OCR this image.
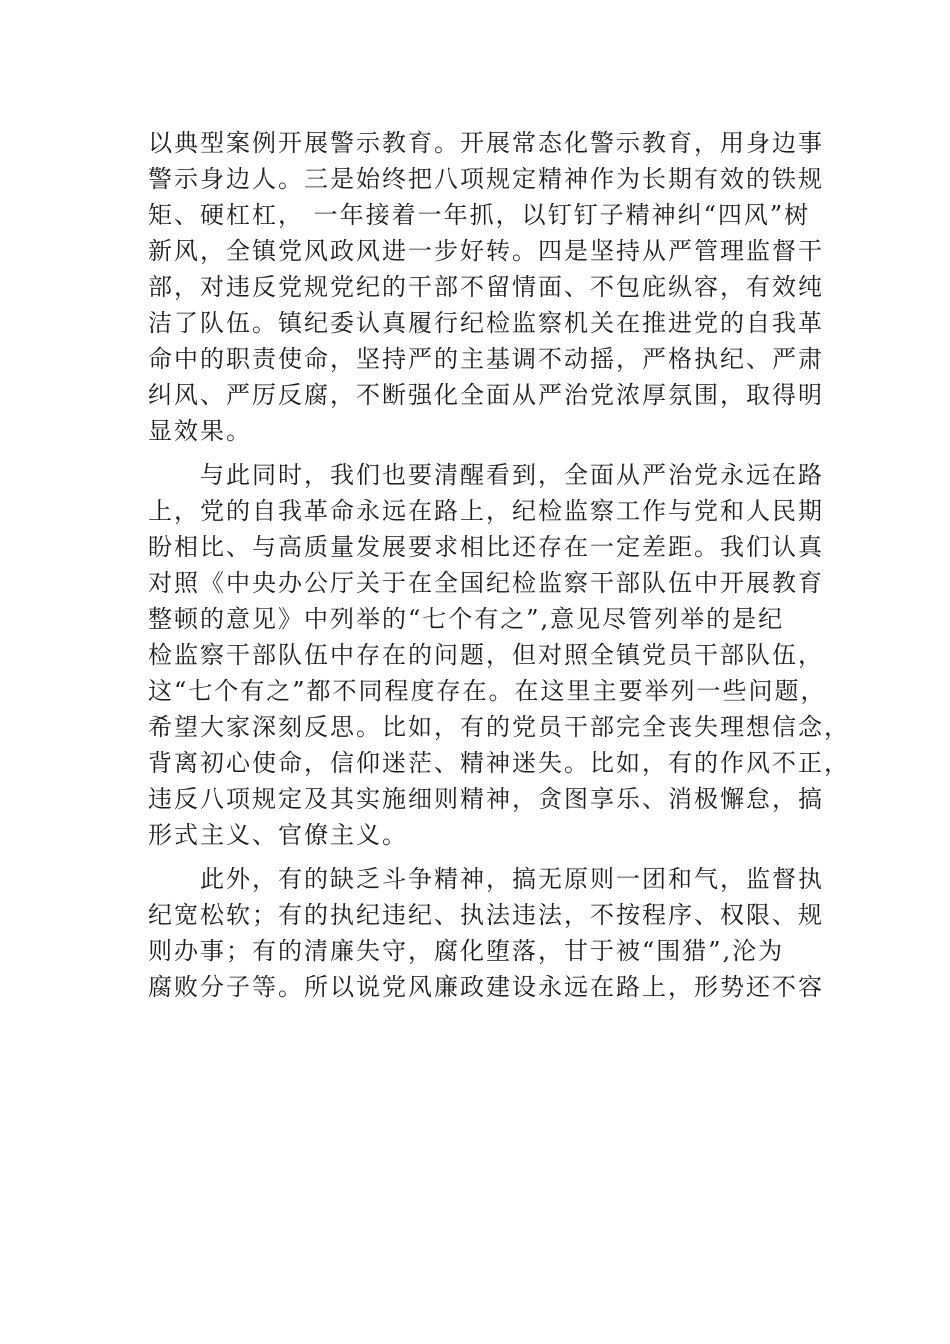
以典型案例开展警示教育。开展常态化警示教育，用身边事
警示身边人。三是始终把八项规定精神作为长期有效的铁规
矩、硬杠杠， 一年接着一年抓，以钉钉子精神纠“四风”树
新风，全镇党风政风进一步好转。四是坚持从严管理监督干
部，对违反党规党纪的干部不留情面、不包庇纵容，有效纯
洁了队伍。镇纪委认真履行纪检监察机关在推进党的自我革
命中的职责使命，坚持严的主基调不动摇，严格执纪、严肃
纠风、严厉反腐，不断强化全面从严治党浓厚氛围，取得明
显效果。
与此同时，我们也要清醒看到，全面从严治党永远在路
上，党的自我革命永远在路上，纪检监察工作与党和人民期
盼相比、与高质量发展要求相比还存在一定差距。我们认真
对照《中央办公厅关于在全国纪检监察干部队伍中开展教育
整顿的意见》中列举的“七个有之”,意见尽管列举的是纪
检监察干部队伍中存在的问题，但对照全镇党员干部队伍，
这“七个有之”都不同程度存在。在这里主要举列一些问题，
希望大家深刻反思。比如，有的党员干部完全丧失理想信念，
背离初心使命，信仰迷茫、精神迷失。比如，有的作风不正，
违反八项规定及其实施细则精神，贪图享乐、消极懈怠，搞
形式主义、官僚主义。
此外，有的缺乏斗争精神，搞无原则一团和气，监督执
纪宽松软；有的执纪违纪、执法违法，不按程序、权限、规
则办事；有的清廉失守，腐化堕落，甘于被“围猎”,沦为
腐败分子等。所以说党风廉政建设永远在路上，形势还不容
